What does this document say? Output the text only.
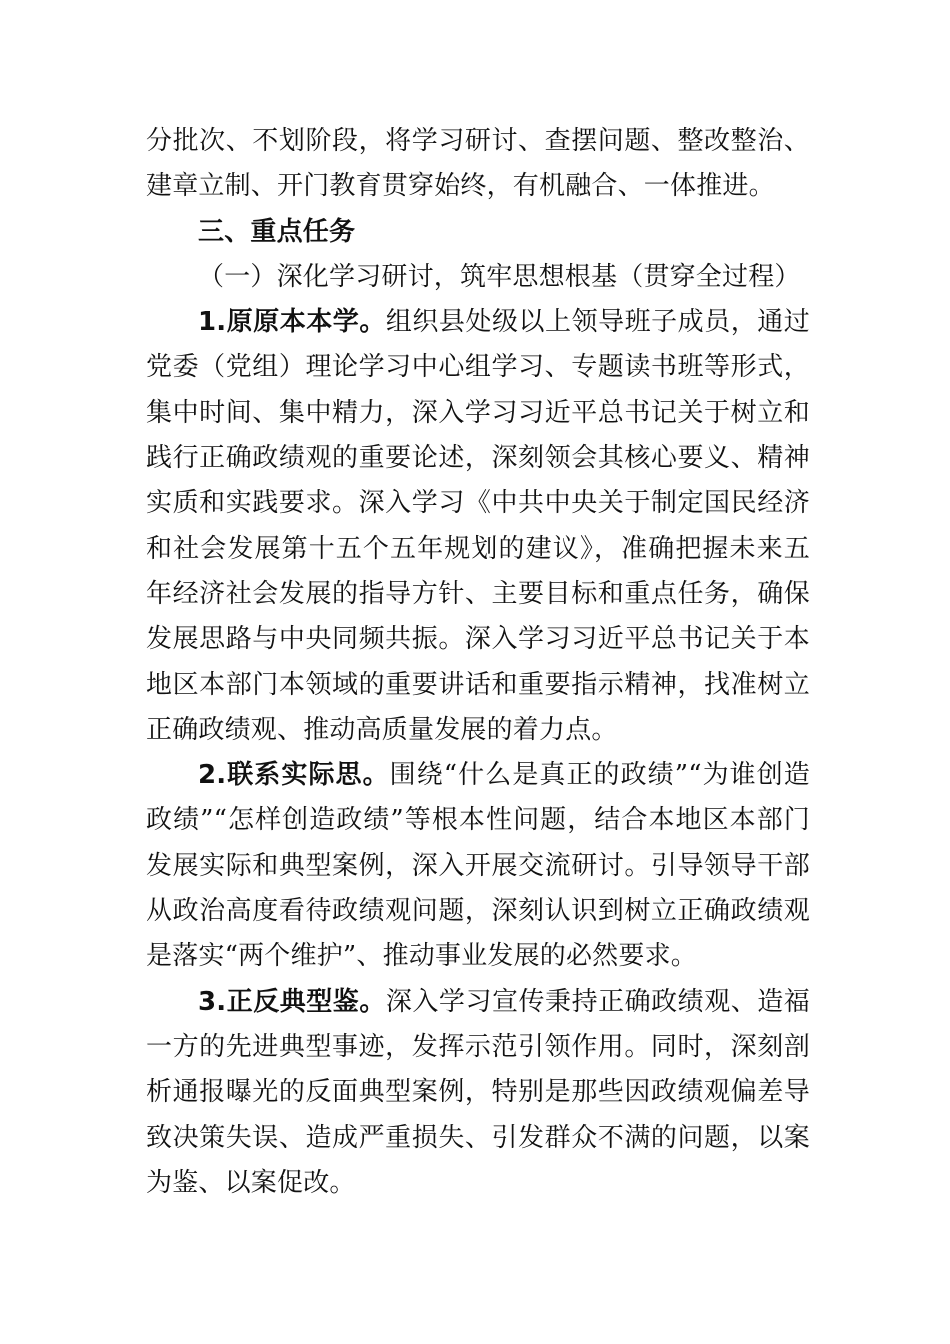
分批次、不划阶段，将学习研讨、查摆问题、整改整治、建章立制、开门教育贯穿始终，有机融合、一体推进。

三、重点任务

（一）深化学习研讨，筑牢思想根基（贯穿全过程）

1.原原本本学。组织县处级以上领导班子成员，通过党委（党组）理论学习中心组学习、专题读书班等形式，集中时间、集中精力，深入学习习近平总书记关于树立和践行正确政绩观的重要论述，深刻领会其核心要义、精神实质和实践要求。深入学习《中共中央关于制定国民经济和社会发展第十五个五年规划的建议》，准确把握未来五年经济社会发展的指导方针、主要目标和重点任务，确保发展思路与中央同频共振。深入学习习近平总书记关于本地区本部门本领域的重要讲话和重要指示精神，找准树立正确政绩观、推动高质量发展的着力点。

2.联系实际思。围绕“什么是真正的政绩”“为谁创造政绩”“怎样创造政绩”等根本性问题，结合本地区本部门发展实际和典型案例，深入开展交流研讨。引导领导干部从政治高度看待政绩观问题，深刻认识到树立正确政绩观是落实“两个维护”、推动事业发展的必然要求。

3.正反典型鉴。深入学习宣传秉持正确政绩观、造福一方的先进典型事迹，发挥示范引领作用。同时，深刻剖析通报曝光的反面典型案例，特别是那些因政绩观偏差导致决策失误、造成严重损失、引发群众不满的问题，以案为鉴、以案促改。
